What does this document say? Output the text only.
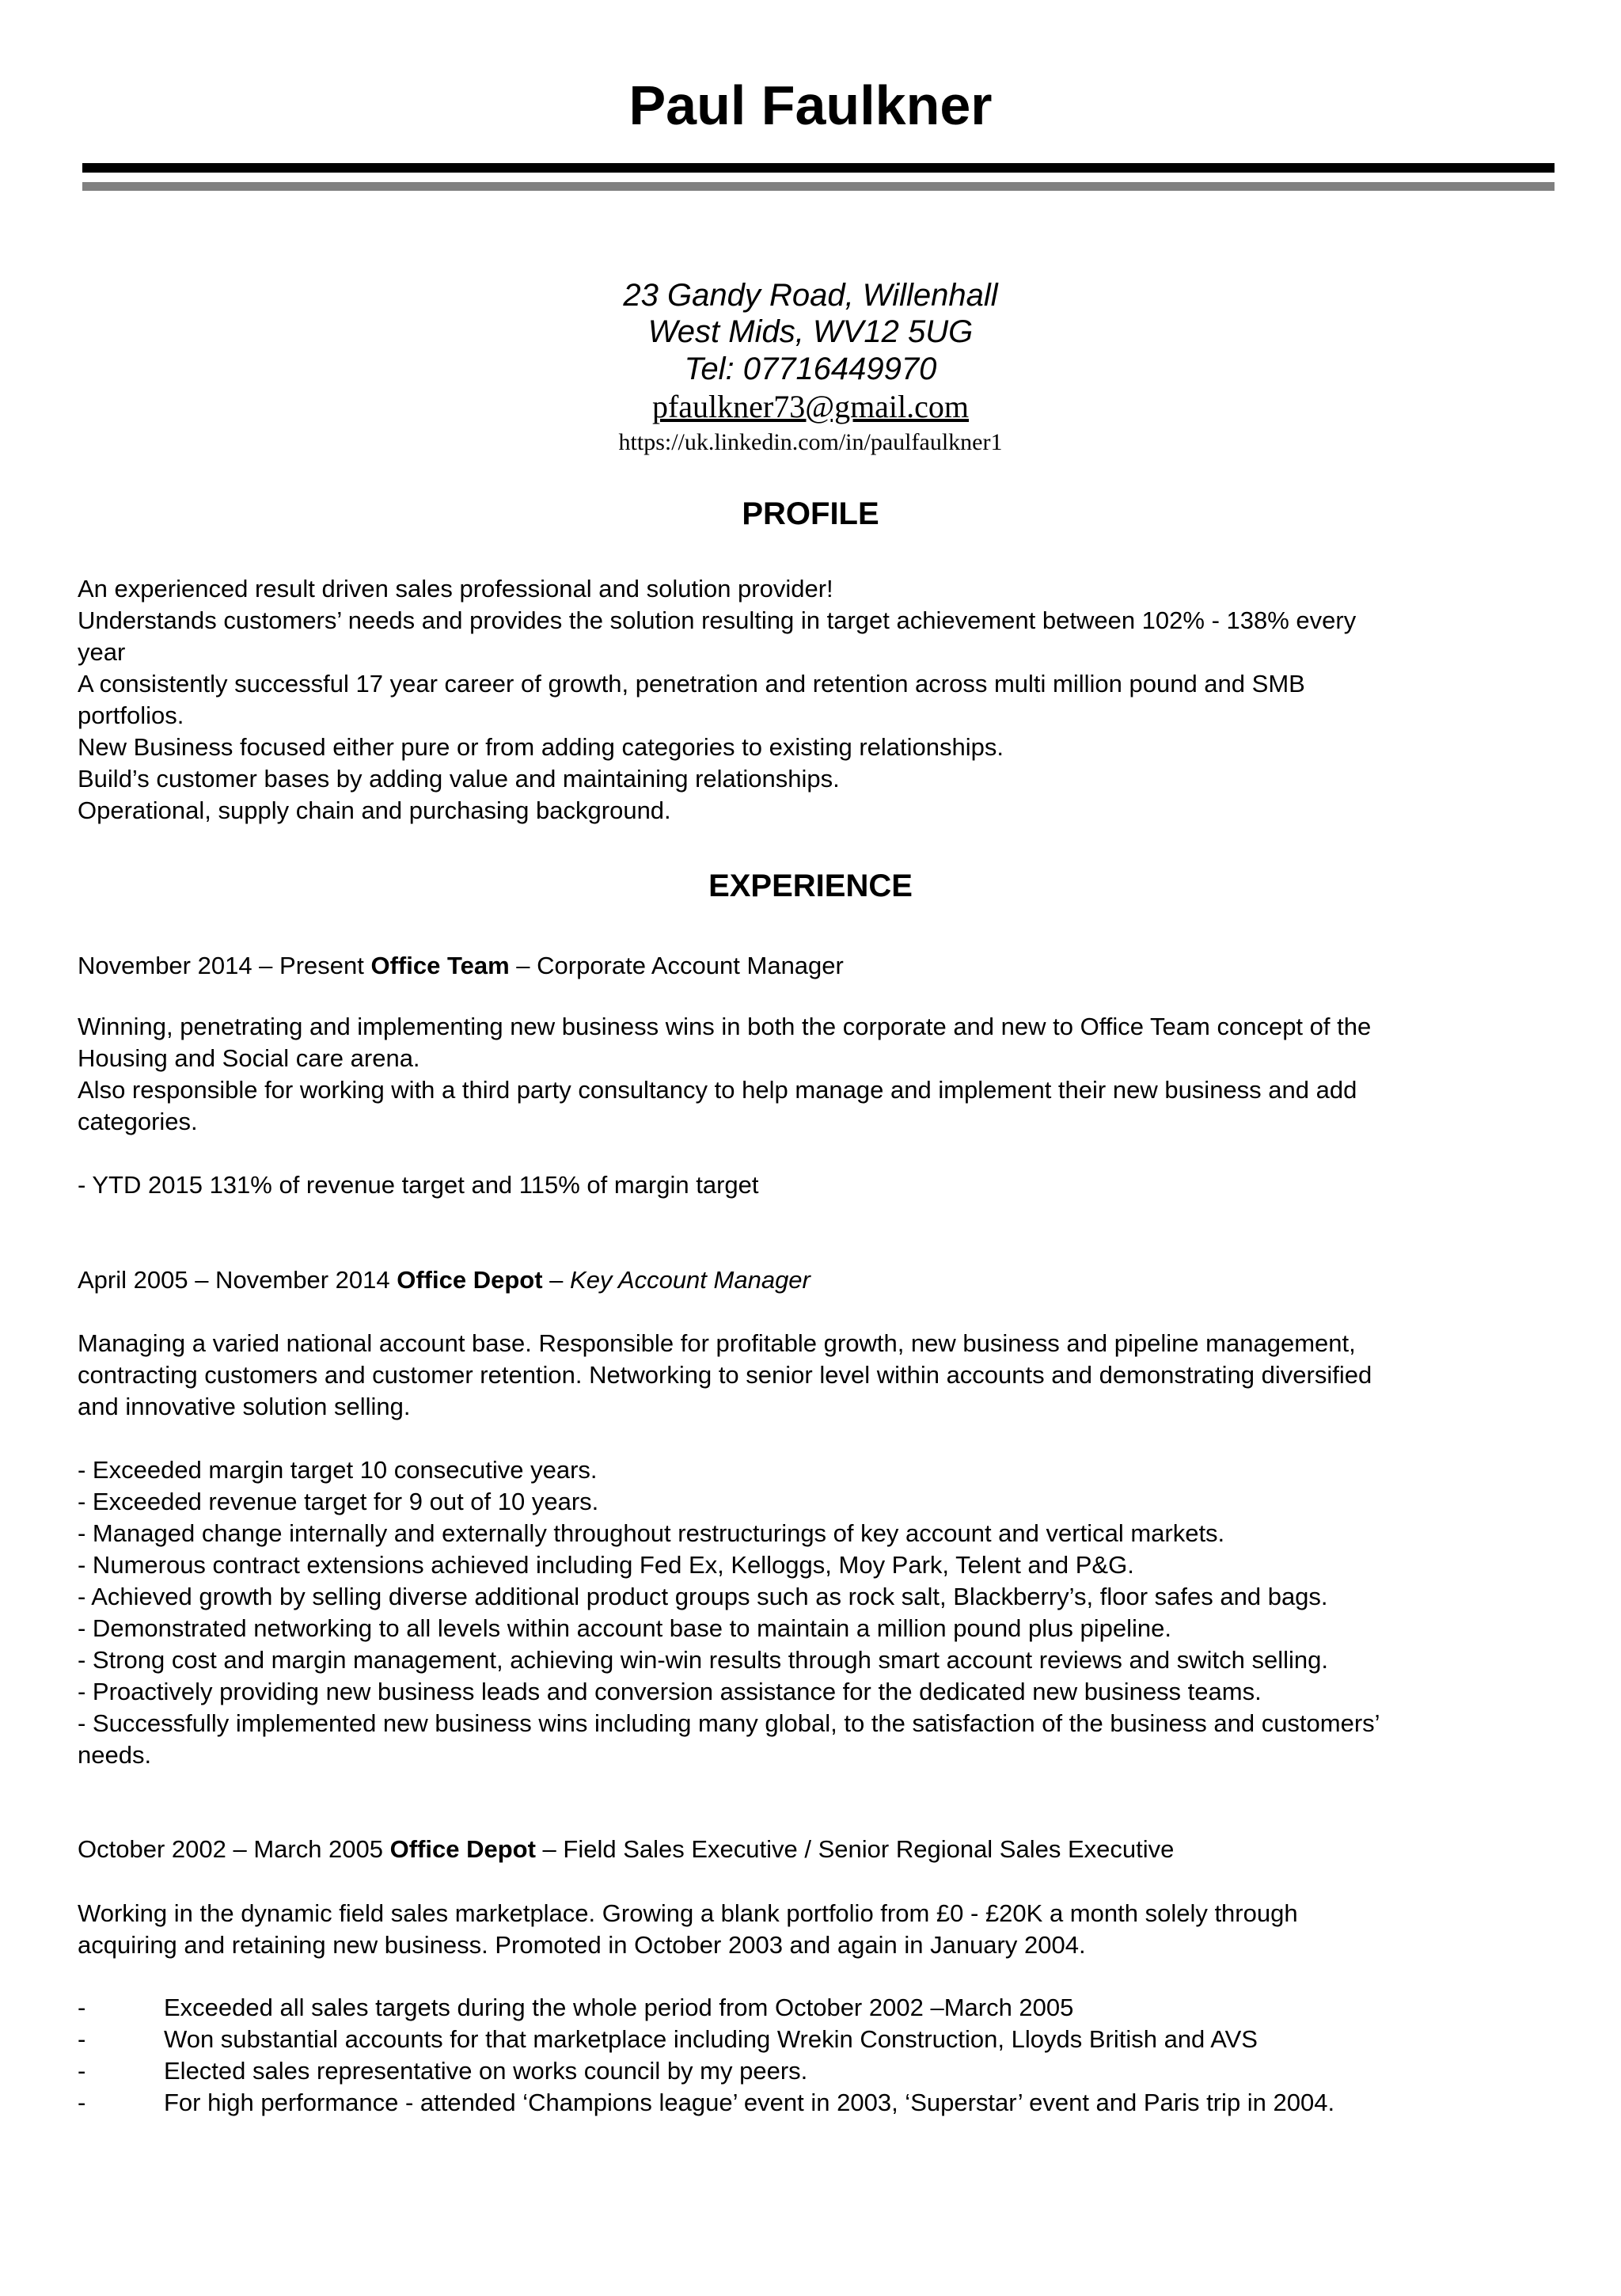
Paul Faulkner
23 Gandy Road, Willenhall
West Mids, WV12 5UG
Tel: 07716449970
pfaulkner73@gmail.com
https://uk.linkedin.com/in/paulfaulkner1
PROFILE
An experienced result driven sales professional and solution provider!
Understands customers’ needs and provides the solution resulting in target achievement between 102% - 138% every
year
A consistently successful 17 year career of growth, penetration and retention across multi million pound and SMB
portfolios.
New Business focused either pure or from adding categories to existing relationships.
Build’s customer bases by adding value and maintaining relationships.
Operational, supply chain and purchasing background.
EXPERIENCE
November 2014 – Present Office Team – Corporate Account Manager
Winning, penetrating and implementing new business wins in both the corporate and new to Office Team concept of the
Housing and Social care arena.
Also responsible for working with a third party consultancy to help manage and implement their new business and add
categories.
- YTD 2015 131% of revenue target and 115% of margin target
April 2005 – November 2014 Office Depot – Key Account Manager
Managing a varied national account base. Responsible for profitable growth, new business and pipeline management,
contracting customers and customer retention. Networking to senior level within accounts and demonstrating diversified
and innovative solution selling.
- Exceeded margin target 10 consecutive years.
- Exceeded revenue target for 9 out of 10 years.
- Managed change internally and externally throughout restructurings of key account and vertical markets.
- Numerous contract extensions achieved including Fed Ex, Kelloggs, Moy Park, Telent and P&G.
- Achieved growth by selling diverse additional product groups such as rock salt, Blackberry’s, floor safes and bags.
- Demonstrated networking to all levels within account base to maintain a million pound plus pipeline.
- Strong cost and margin management, achieving win-win results through smart account reviews and switch selling.
- Proactively providing new business leads and conversion assistance for the dedicated new business teams.
- Successfully implemented new business wins including many global, to the satisfaction of the business and customers’
needs.
October 2002 – March 2005 Office Depot – Field Sales Executive / Senior Regional Sales Executive
Working in the dynamic field sales marketplace. Growing a blank portfolio from £0 - £20K a month solely through
acquiring and retaining new business. Promoted in October 2003 and again in January 2004.
-	Exceeded all sales targets during the whole period from October 2002 –March 2005
-	Won substantial accounts for that marketplace including Wrekin Construction, Lloyds British and AVS
-	Elected sales representative on works council by my peers.
-	For high performance - attended ‘Champions league’ event in 2003, ‘Superstar’ event and Paris trip in 2004.
